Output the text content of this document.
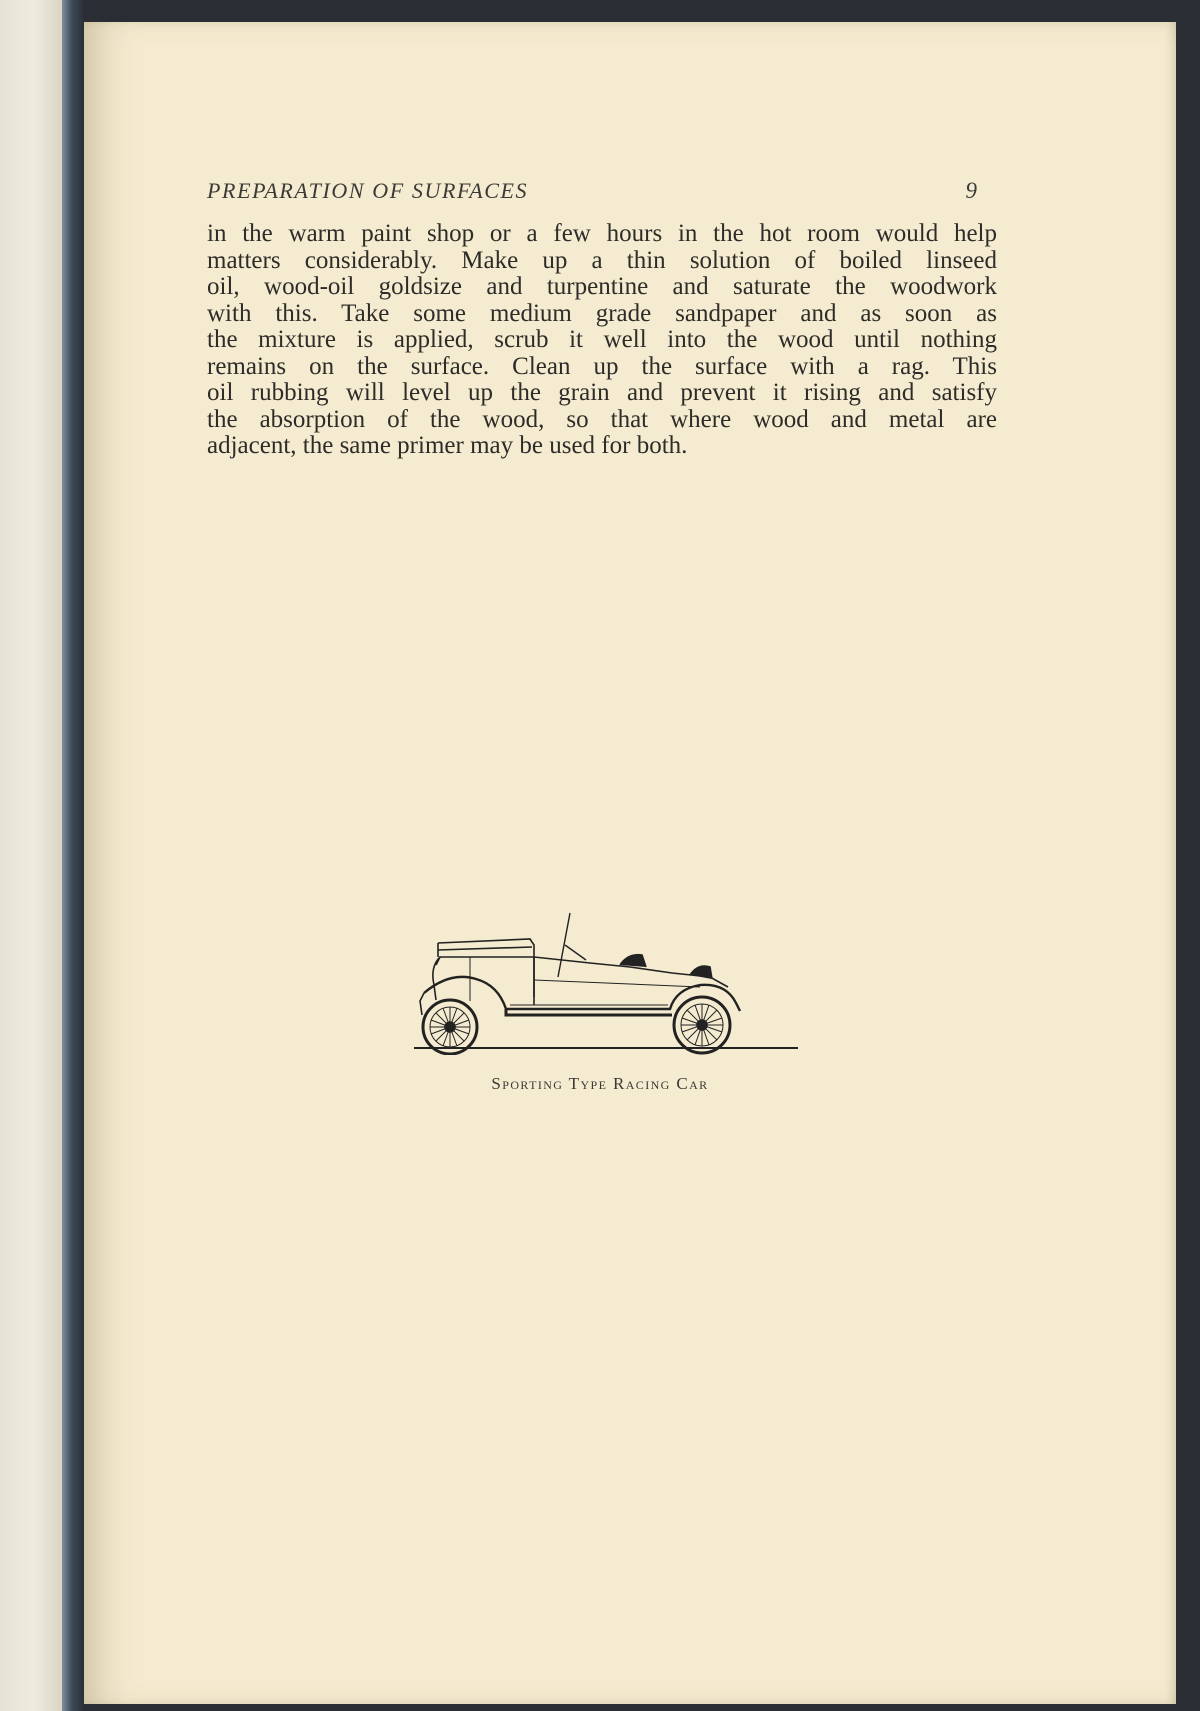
PREPARATION OF SURFACES	9

in the warm paint shop or a few hours in the hot room would help
matters considerably. Make up a thin solution of boiled linseed
oil, wood-oil goldsize and turpentine and saturate the woodwork
with this. Take some medium grade sandpaper and as soon as
the mixture is applied, scrub it well into the wood until nothing
remains on the surface. Clean up the surface with a rag. This
oil rubbing will level up the grain and prevent it rising and satisfy
the absorption of the wood, so that where wood and metal are
adjacent, the same primer may be used for both.

Sporting Type Racing Car
